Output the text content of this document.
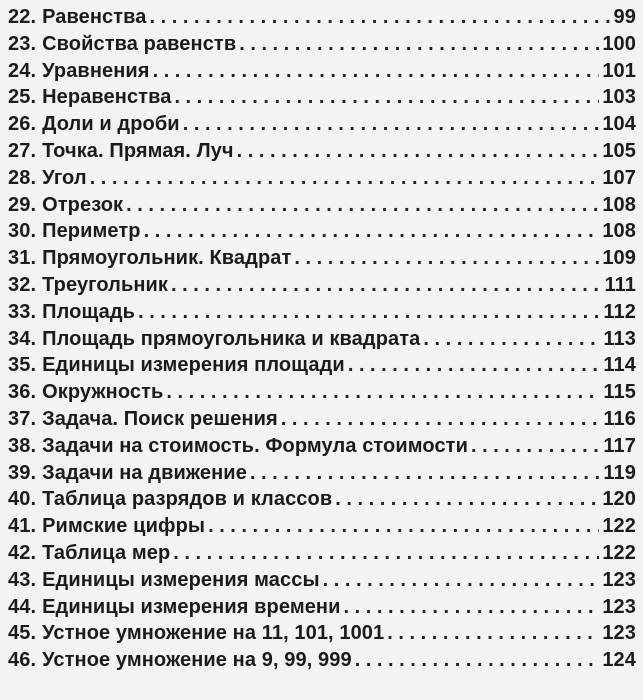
22. Равенства . . .	99
23. Свойства равенств . . .	100
24. Уравнения . . .	101
25. Неравенства . . .	103
26. Доли и дроби . . .	104
27. Точка. Прямая. Луч . . .	105
28. Угол . . .	107
29. Отрезок . . .	108
30. Периметр . . .	108
31. Прямоугольник. Квадрат . . .	109
32. Треугольник . . .	111
33. Площадь . . .	112
34. Площадь прямоугольника и квадрата . . .	113
35. Единицы измерения площади . . .	114
36. Окружность . . .	115
37. Задача. Поиск решения . . .	116
38. Задачи на стоимость. Формула стоимости . . .	117
39. Задачи на движение . . .	119
40. Таблица разрядов и классов . . .	120
41. Римские цифры . . .	122
42. Таблица мер . . .	122
43. Единицы измерения массы . . .	123
44. Единицы измерения времени . . .	123
45. Устное умножение на 11, 101, 1001 . . .	123
46. Устное умножение на 9, 99, 999 . . .	124
